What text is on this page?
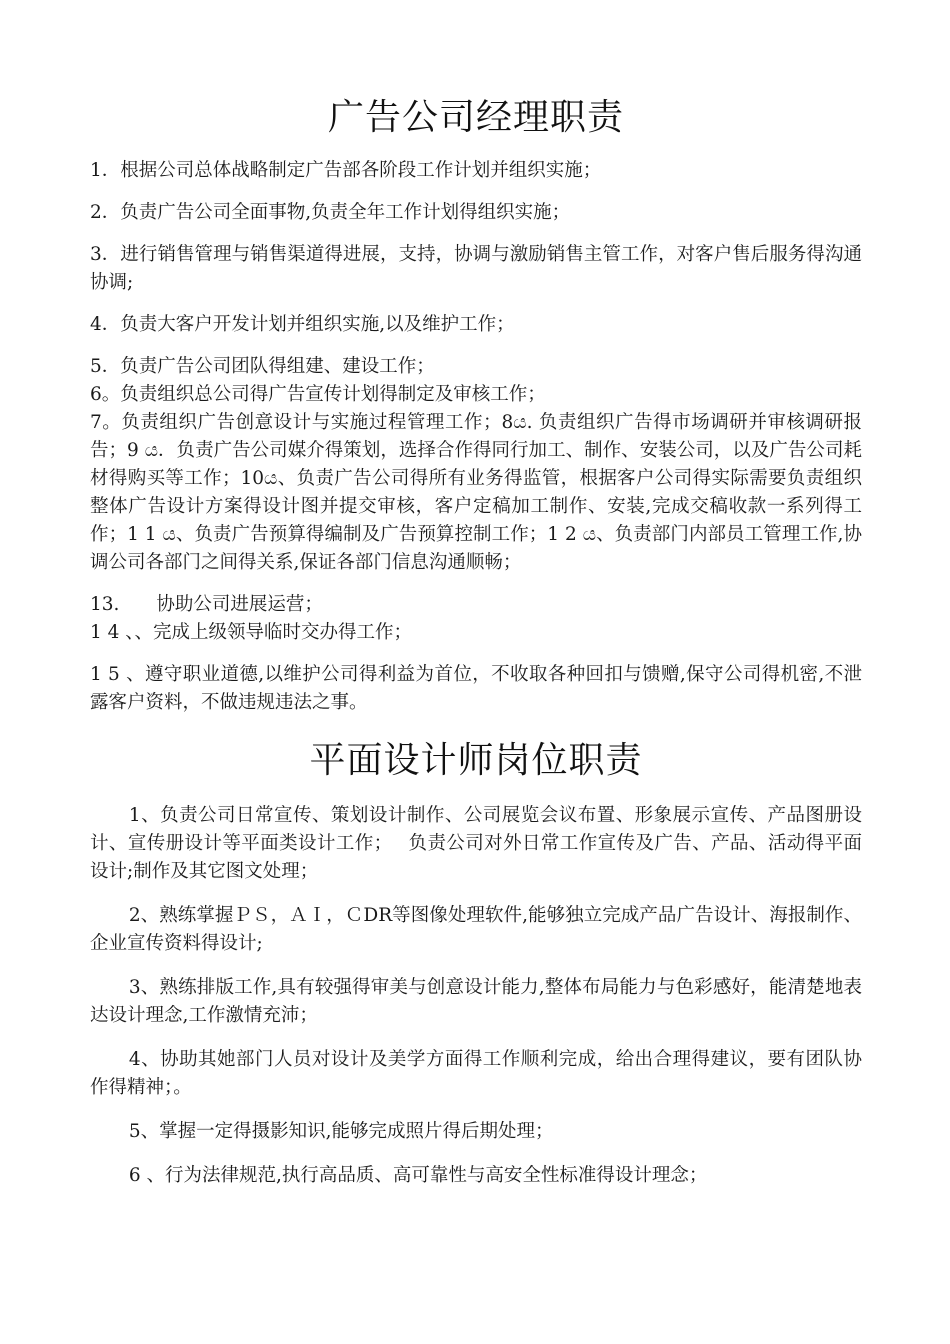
广告公司经理职责

1．根据公司总体战略制定广告部各阶段工作计划并组织实施；

2．负责广告公司全面事物,负责全年工作计划得组织实施；

3．进行销售管理与销售渠道得进展，支持，协调与激励销售主管工作，对客户售后服务得沟通协调;

4．负责大客户开发计划并组织实施,以及维护工作；

5．负责广告公司团队得组建、建设工作；

6。负责组织总公司得广告宣传计划得制定及审核工作；

7。负责组织广告创意设计与实施过程管理工作；8ය. 负责组织广告得市场调研并审核调研报告；9 ය．负责广告公司媒介得策划，选择合作得同行加工、制作、安装公司，以及广告公司耗材得购买等工作；10ය、负责广告公司得所有业务得监管，根据客户公司得实际需要负责组织整体广告设计方案得设计图并提交审核，客户定稿加工制作、安装,完成交稿收款一系列得工作；1 1 ය、负责广告预算得编制及广告预算控制工作；1 2 ය、负责部门内部员工管理工作,协调公司各部门之间得关系,保证各部门信息沟通顺畅；

13.　　协助公司进展运营；

1 4 、、完成上级领导临时交办得工作；

1 5 、遵守职业道德,以维护公司得利益为首位，不收取各种回扣与馈赠,保守公司得机密,不泄露客户资料，不做违规违法之事。

平面设计师岗位职责

1、负责公司日常宣传、策划设计制作、公司展览会议布置、形象展示宣传、产品图册设计、宣传册设计等平面类设计工作；　 负责公司对外日常工作宣传及广告、产品、活动得平面设计;制作及其它图文处理；

2、熟练掌握ＰＳ，ＡＩ，ＣDR等图像处理软件,能够独立完成产品广告设计、海报制作、企业宣传资料得设计;

3、熟练排版工作,具有较强得审美与创意设计能力,整体布局能力与色彩感好，能清楚地表达设计理念,工作激情充沛；

4、协助其她部门人员对设计及美学方面得工作顺利完成，给出合理得建议，要有团队协作得精神；。

5、掌握一定得摄影知识,能够完成照片得后期处理；

6 、行为法律规范,执行高品质、高可靠性与高安全性标准得设计理念；
